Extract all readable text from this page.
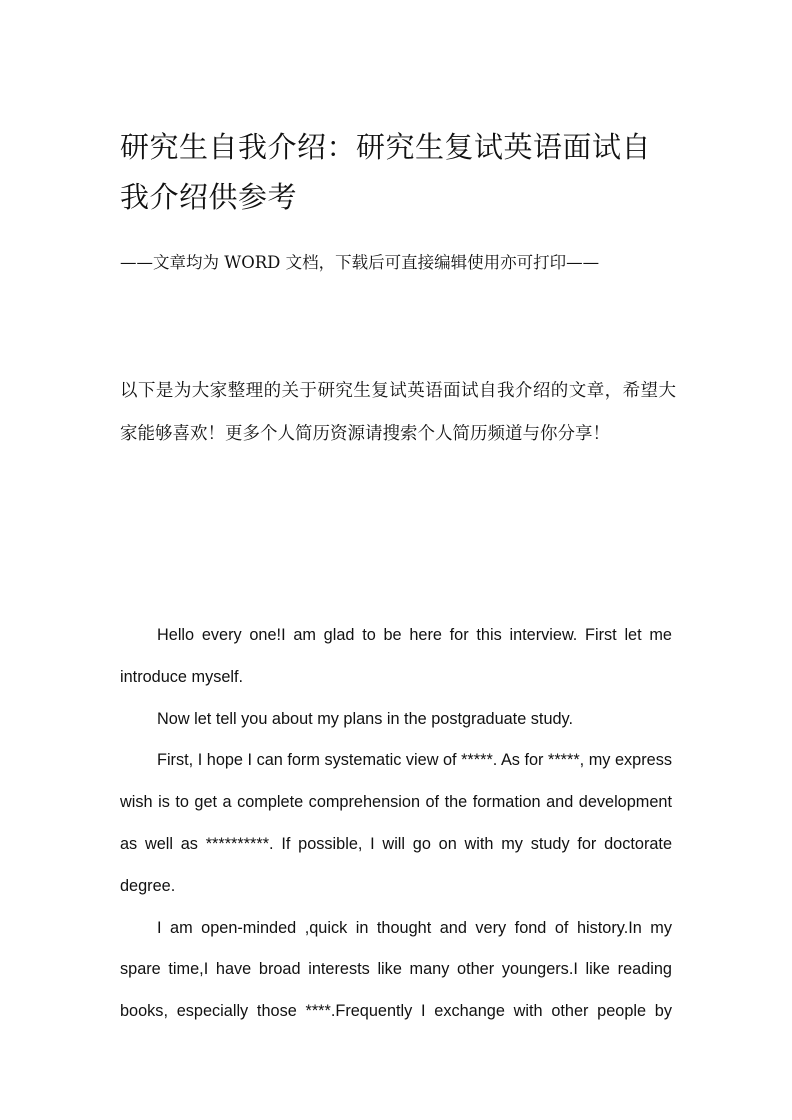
研究生自我介绍：研究生复试英语面试自我介绍供参考

——文章均为 WORD 文档，下载后可直接编辑使用亦可打印——

以下是为大家整理的关于研究生复试英语面试自我介绍的文章，希望大家能够喜欢！更多个人简历资源请搜索个人简历频道与你分享！

Hello every one!I am glad to be here for this interview. First let me introduce myself.

Now let tell you about my plans in the postgraduate study.

First, I hope I can form systematic view of *****. As for *****, my express wish is to get a complete comprehension of the formation and development as well as **********. If possible, I will go on with my study for doctorate degree.

I am open-minded ,quick in thought and very fond of history.In my spare time,I have broad interests like many other youngers.I like reading books, especially those ****.Frequently I exchange with other people by
